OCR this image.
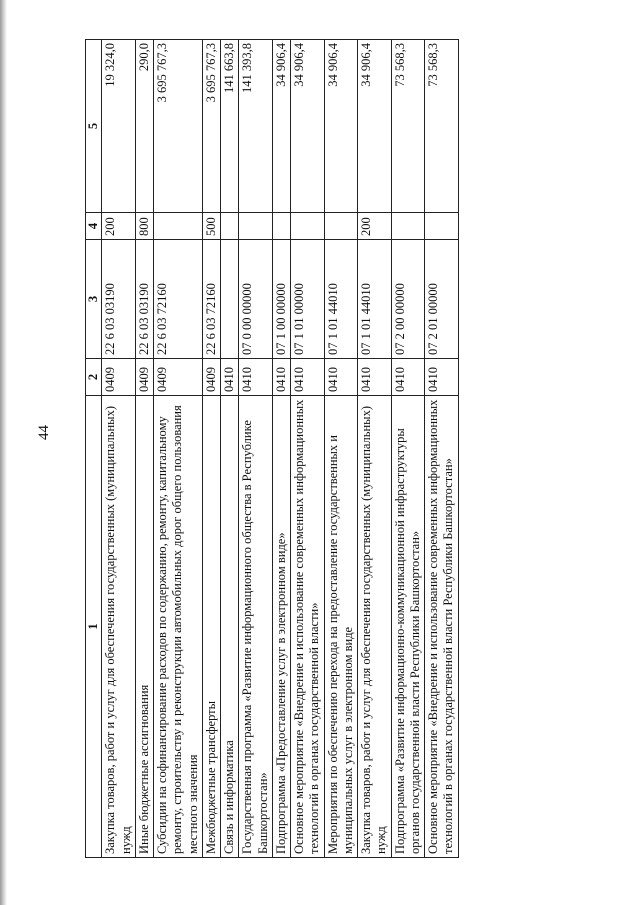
44
1	2	3	4	5
Закупка товаров, работ и услуг для обеспечения государственных (муниципальных) нужд	0409	22 6 03 03190	200	19 324,0
Иные бюджетные ассигнования	0409	22 6 03 03190	800	290,0
Субсидии на софинансирование расходов по содержанию, ремонту, капитальному ремонту, строительству и реконструкции автомобильных дорог общего пользования местного значения	0409	22 6 03 72160		3 695 767,3
Межбюджетные трансферты	0409	22 6 03 72160	500	3 695 767,3
Связь и информатика	0410			141 663,8
Государственная программа «Развитие информационного общества в Республике Башкортостан»	0410	07 0 00 00000		141 393,8
Подпрограмма «Предоставление услуг в электронном виде»	0410	07 1 00 00000		34 906,4
Основное мероприятие «Внедрение и использование современных информационных технологий в органах государственной власти»	0410	07 1 01 00000		34 906,4
Мероприятия по обеспечению перехода на предоставление государственных и муниципальных услуг в электронном виде	0410	07 1 01 44010		34 906,4
Закупка товаров, работ и услуг для обеспечения государственных (муниципальных) нужд	0410	07 1 01 44010	200	34 906,4
Подпрограмма «Развитие информационно-коммуникационной инфраструктуры органов государственной власти Республики Башкортостан»	0410	07 2 00 00000		73 568,3
Основное мероприятие «Внедрение и использование современных информационных технологий в органах государственной власти Республики Башкортостан»	0410	07 2 01 00000		73 568,3
